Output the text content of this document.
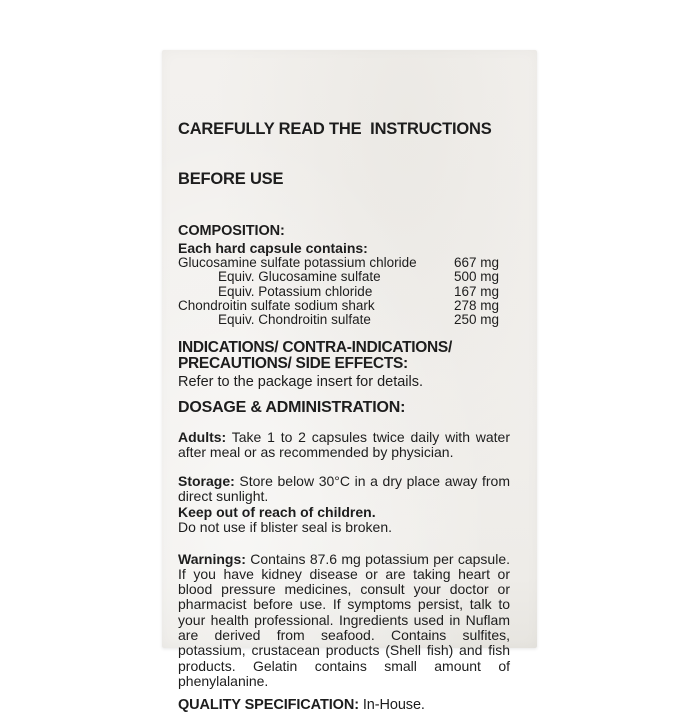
CAREFULLY READ THE  INSTRUCTIONS

BEFORE USE

COMPOSITION:
Each hard capsule contains:
Glucosamine sulfate potassium chloride	667 mg
Equiv. Glucosamine sulfate	500 mg
Equiv. Potassium chloride	167 mg
Chondroitin sulfate sodium shark	278 mg
Equiv. Chondroitin sulfate	250 mg
INDICATIONS/ CONTRA-INDICATIONS/
PRECAUTIONS/ SIDE EFFECTS:
Refer to the package insert for details.
DOSAGE & ADMINISTRATION:

Adults: Take 1 to 2 capsules twice daily with water after meal or as recommended by physician.

Storage: Store below 30°C in a dry place away from direct sunlight.
Keep out of reach of children.
Do not use if blister seal is broken.

Warnings: Contains 87.6 mg potassium per capsule. If you have kidney disease or are taking heart or blood pressure medicines, consult your doctor or pharmacist before use. If symptoms persist, talk to your health professional. Ingredients used in Nuflam are derived from seafood. Contains sulfites, potassium, crustacean products (Shell fish) and fish products. Gelatin contains small amount of phenylalanine.

QUALITY SPECIFICATION: In-House.
